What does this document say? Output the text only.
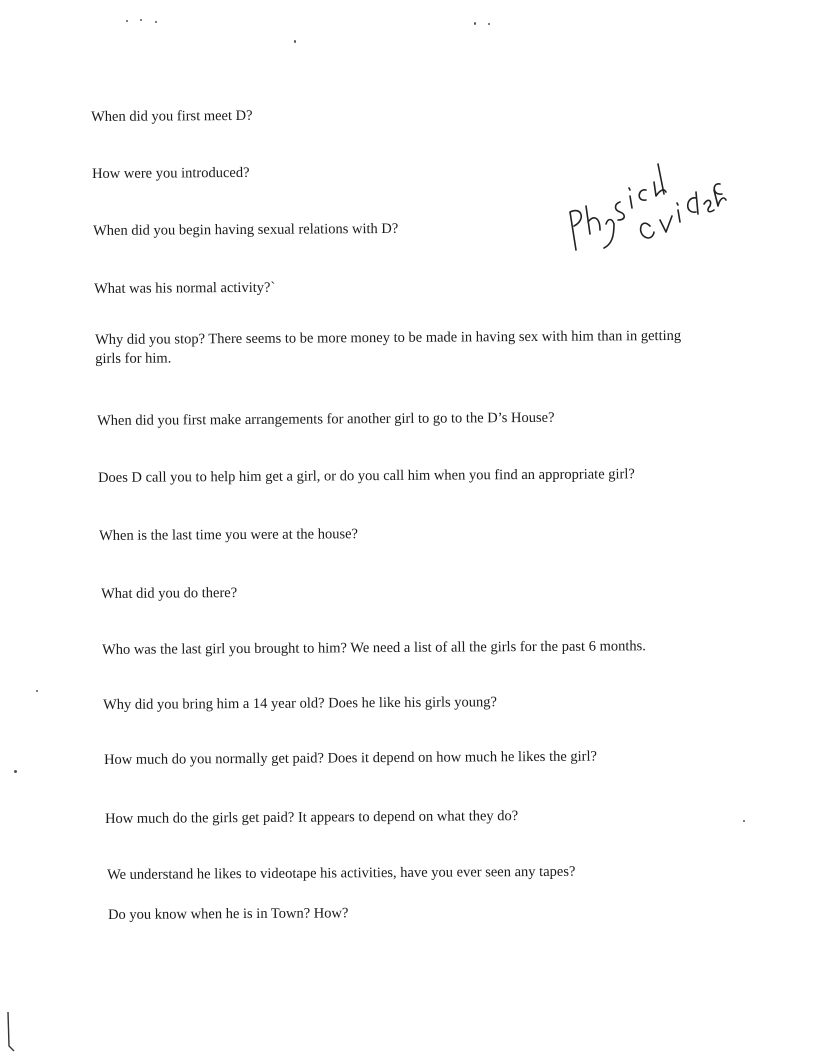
When did you first meet D?

How were you introduced?

When did you begin having sexual relations with D?

What was his normal activity?`

Why did you stop? There seems to be more money to be made in having sex with him than in getting girls for him.

When did you first make arrangements for another girl to go to the D’s House?

Does D call you to help him get a girl, or do you call him when you find an appropriate girl?

When is the last time you were at the house?

What did you do there?

Who was the last girl you brought to him? We need a list of all the girls for the past 6 months.

Why did you bring him a 14 year old? Does he like his girls young?

How much do you normally get paid? Does it depend on how much he likes the girl?

How much do the girls get paid? It appears to depend on what they do?

We understand he likes to videotape his activities, have you ever seen any tapes?

Do you know when he is in Town? How?
